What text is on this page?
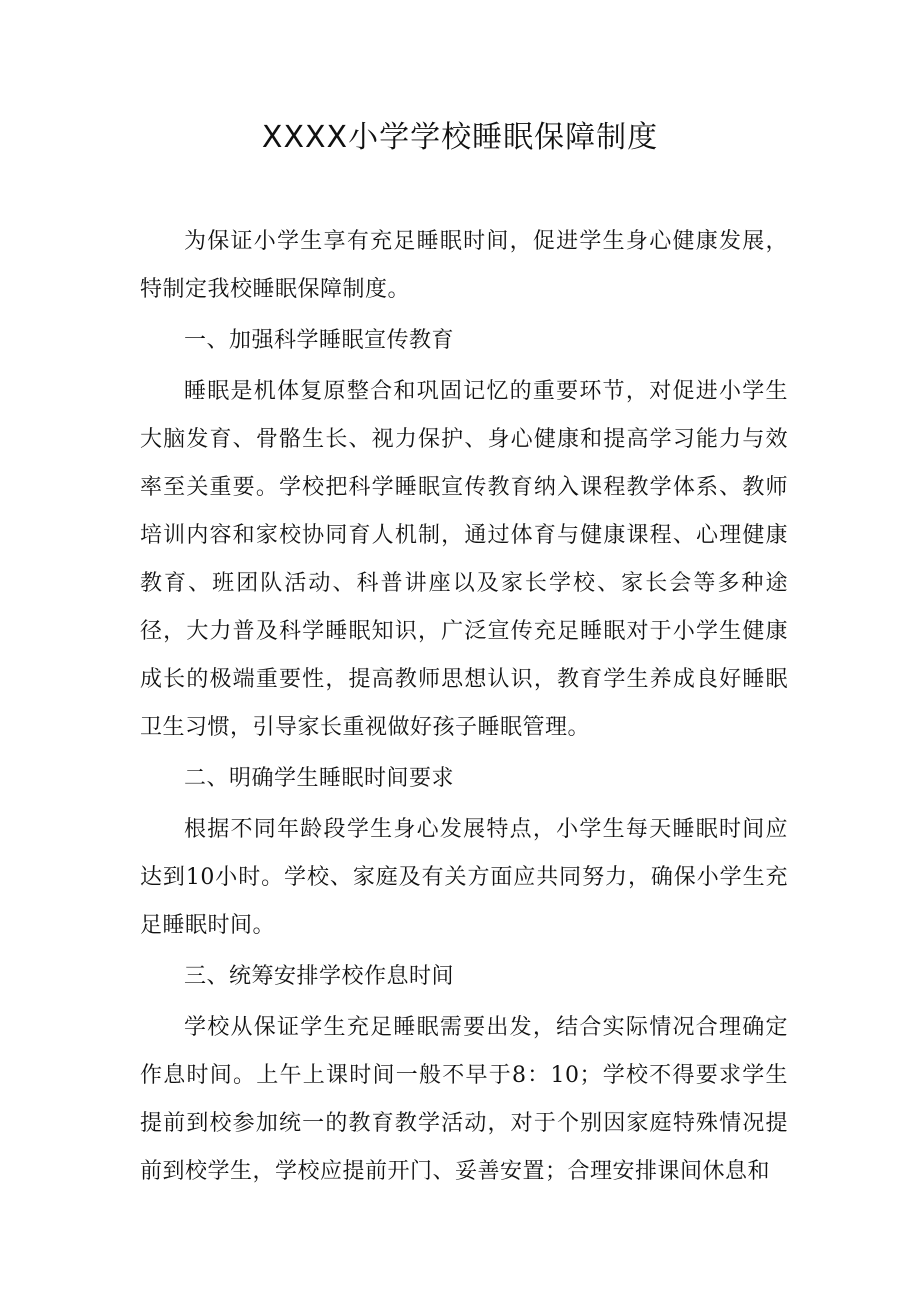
XXXX小学学校睡眠保障制度

为保证小学生享有充足睡眠时间，促进学生身心健康发展，特制定我校睡眠保障制度。

一、加强科学睡眠宣传教育

睡眠是机体复原整合和巩固记忆的重要环节，对促进小学生大脑发育、骨骼生长、视力保护、身心健康和提高学习能力与效率至关重要。学校把科学睡眠宣传教育纳入课程教学体系、教师培训内容和家校协同育人机制，通过体育与健康课程、心理健康教育、班团队活动、科普讲座以及家长学校、家长会等多种途径，大力普及科学睡眠知识，广泛宣传充足睡眠对于小学生健康成长的极端重要性，提高教师思想认识，教育学生养成良好睡眠卫生习惯，引导家长重视做好孩子睡眠管理。

二、明确学生睡眠时间要求

根据不同年龄段学生身心发展特点，小学生每天睡眠时间应达到10小时。学校、家庭及有关方面应共同努力，确保小学生充足睡眠时间。

三、统筹安排学校作息时间

学校从保证学生充足睡眠需要出发，结合实际情况合理确定作息时间。上午上课时间一般不早于8：10；学校不得要求学生提前到校参加统一的教育教学活动，对于个别因家庭特殊情况提前到校学生，学校应提前开门、妥善安置；合理安排课间休息和
